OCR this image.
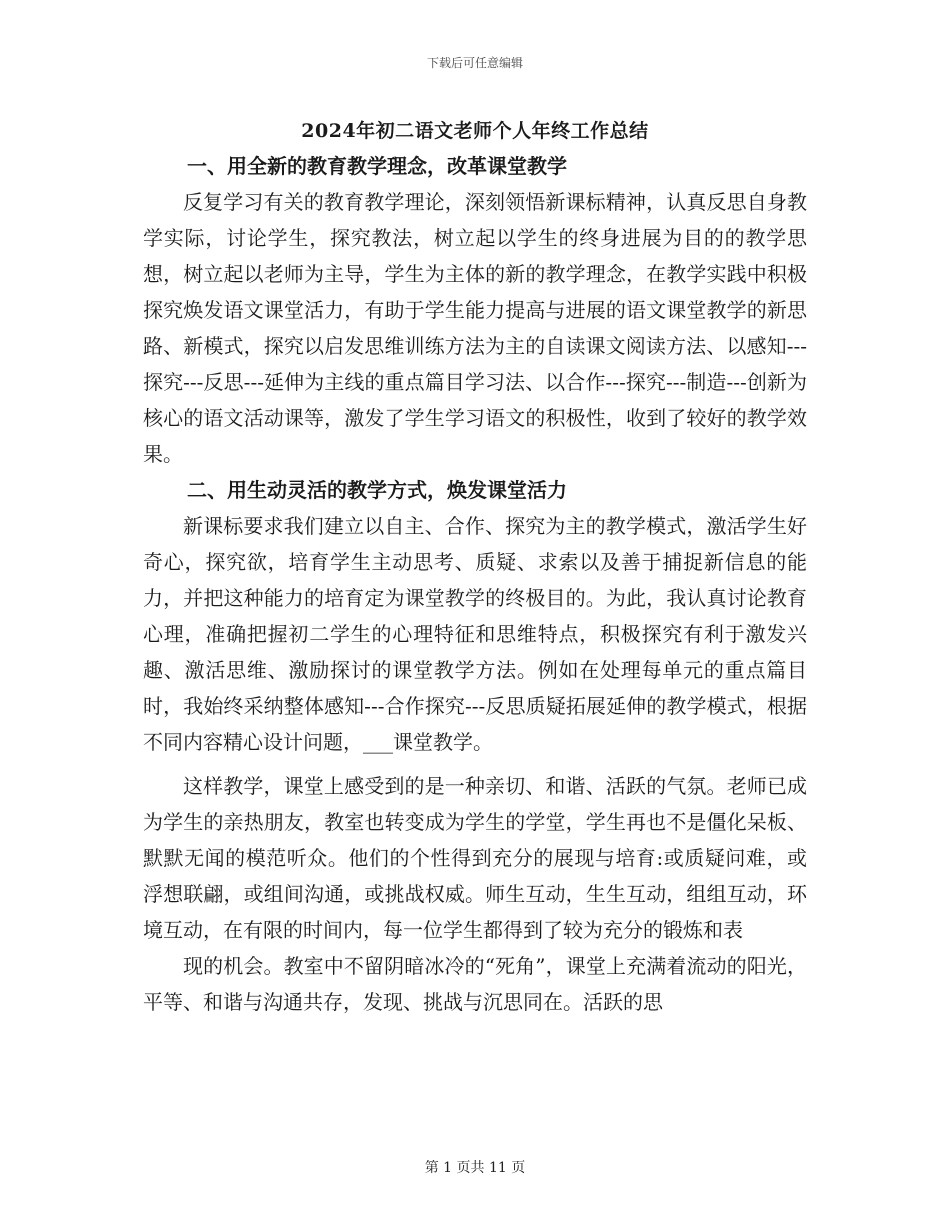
下载后可任意编辑
2024年初二语文老师个人年终工作总结
一、用全新的教育教学理念，改革课堂教学

反复学习有关的教育教学理论，深刻领悟新课标精神，认真反思自身教学实际，讨论学生，探究教法，树立起以学生的终身进展为目的的教学思想，树立起以老师为主导，学生为主体的新的教学理念，在教学实践中积极探究焕发语文课堂活力，有助于学生能力提高与进展的语文课堂教学的新思路、新模式，探究以启发思维训练方法为主的自读课文阅读方法、以感知---探究---反思---延伸为主线的重点篇目学习法、以合作---探究---制造---创新为核心的语文活动课等，激发了学生学习语文的积极性，收到了较好的教学效果。

二、用生动灵活的教学方式，焕发课堂活力

新课标要求我们建立以自主、合作、探究为主的教学模式，激活学生好奇心，探究欲，培育学生主动思考、质疑、求索以及善于捕捉新信息的能力，并把这种能力的培育定为课堂教学的终极目的。为此，我认真讨论教育心理，准确把握初二学生的心理特征和思维特点，积极探究有利于激发兴趣、激活思维、激励探讨的课堂教学方法。例如在处理每单元的重点篇目时，我始终采纳整体感知---合作探究---反思质疑拓展延伸的教学模式，根据不同内容精心设计问题，___课堂教学。

这样教学，课堂上感受到的是一种亲切、和谐、活跃的气氛。老师已成为学生的亲热朋友，教室也转变成为学生的学堂，学生再也不是僵化呆板、默默无闻的模范听众。他们的个性得到充分的展现与培育:或质疑问难，或浮想联翩，或组间沟通，或挑战权威。师生互动，生生互动，组组互动，环境互动，在有限的时间内，每一位学生都得到了较为充分的锻炼和表

现的机会。教室中不留阴暗冰冷的“死角”，课堂上充满着流动的阳光，平等、和谐与沟通共存，发现、挑战与沉思同在。活跃的思

第 1 页共 11 页
